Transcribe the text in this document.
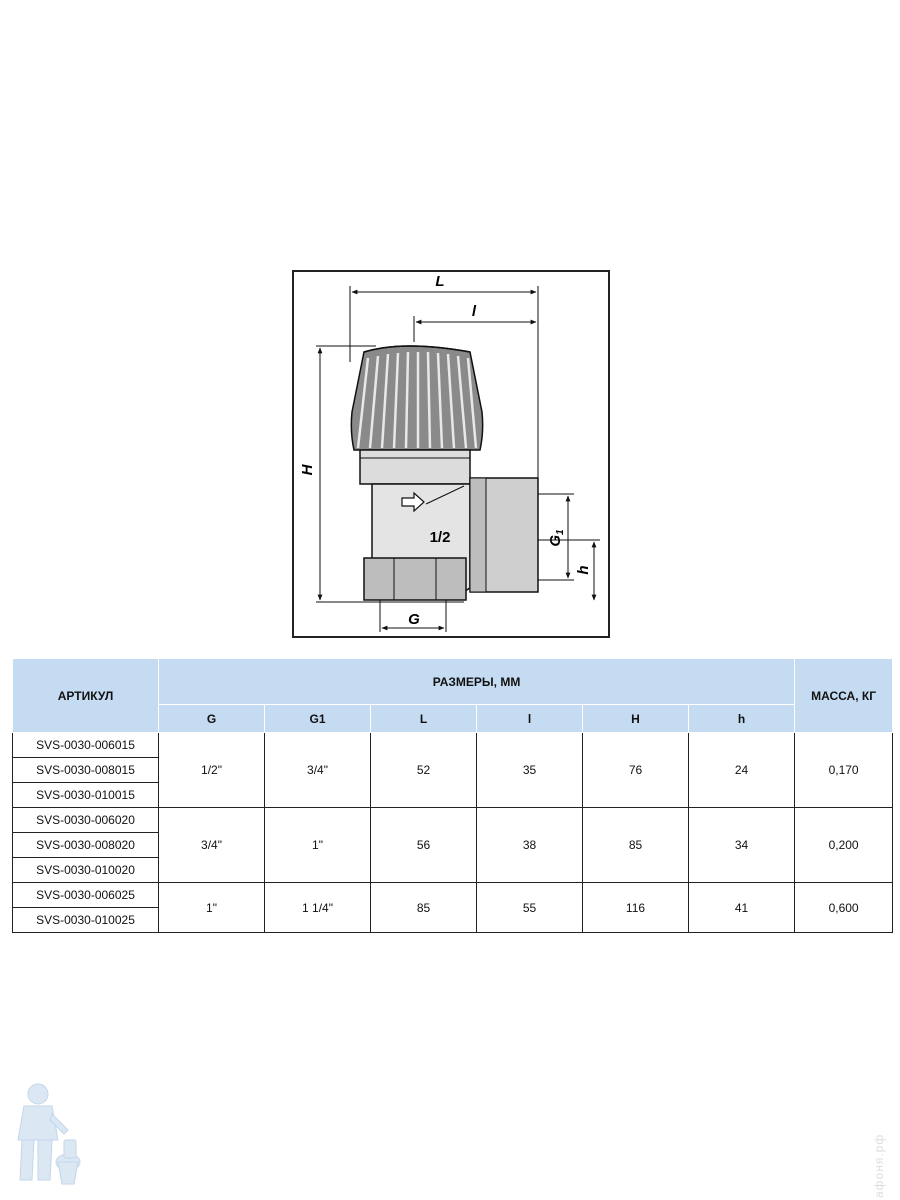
L
l
H
G
$G_1$
h
1/2
АРТИКУЛ	РАЗМЕРЫ, ММ						МАССА, КГ
	G	G1	L	l	H	h	
SVS-0030-006015	1/2"	3/4"	52	35	76	24	0,170
SVS-0030-008015							
SVS-0030-010015							
SVS-0030-006020	3/4"	1"	56	38	85	34	0,200
SVS-0030-008020							
SVS-0030-010020							
SVS-0030-006025	1"	1 1/4"	85	55	116	41	0,600
SVS-0030-010025							
афоня.рф
